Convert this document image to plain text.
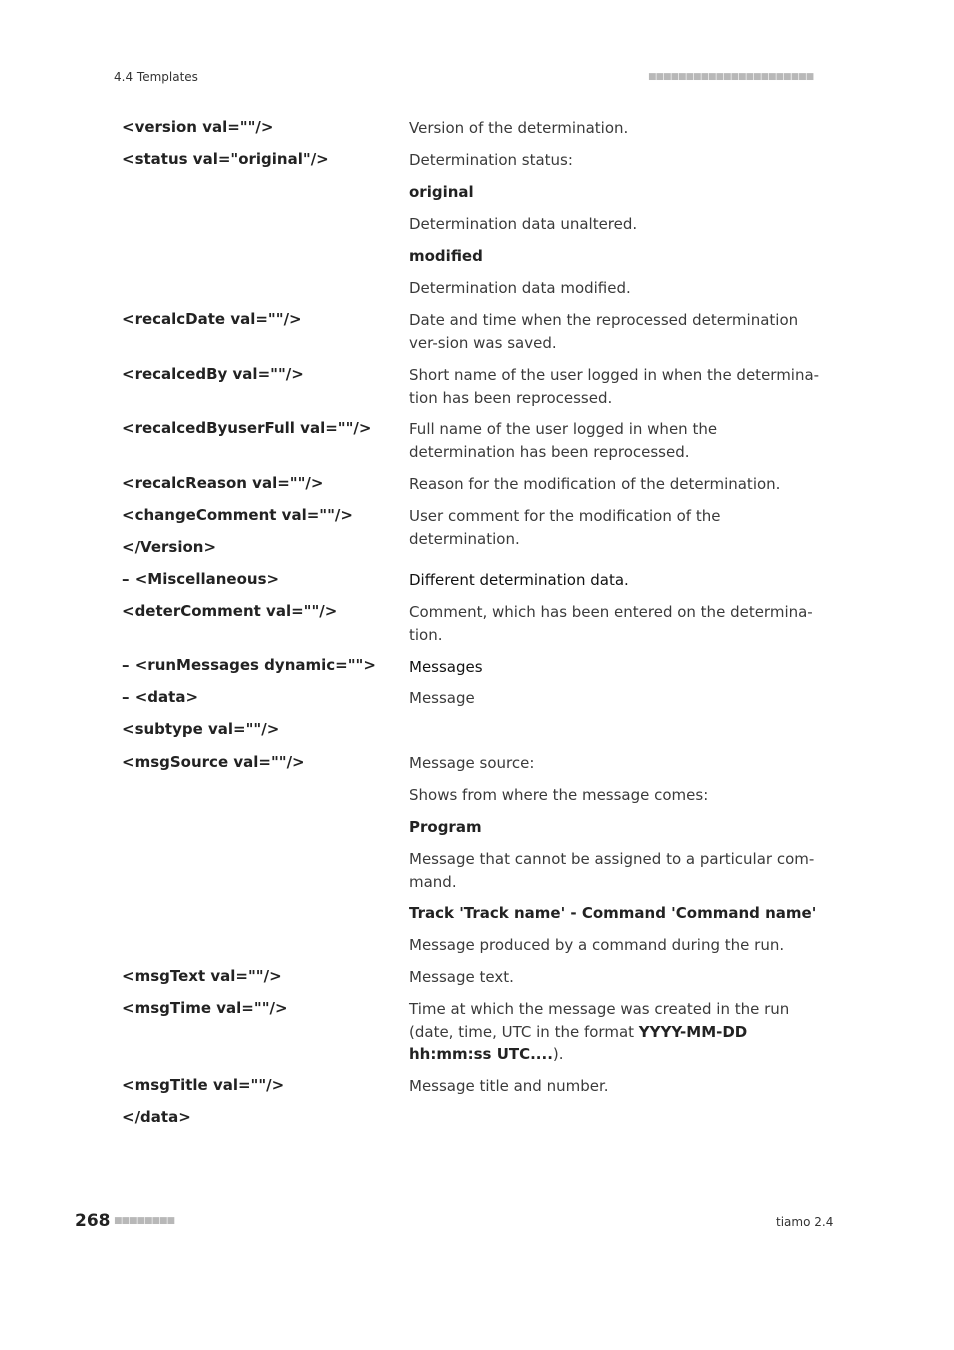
4.4 Templates	■■■■■■■■■■■■■■■■■■■■■■
<version val=""/>	Version of the determination.
<status val="original"/>	Determination status:
original
Determination data unaltered.
modified
Determination data modified.
<recalcDate val=""/>	Date and time when the reprocessed determination ver-sion was saved.
<recalcedBy val=""/>	Short name of the user logged in when the determina-tion has been reprocessed.
<recalcedByuserFull val=""/>	Full name of the user logged in when the determination has been reprocessed.
<recalcReason val=""/>	Reason for the modification of the determination.
<changeComment val=""/>	User comment for the modification of the determination.
</Version>
– <Miscellaneous>	Different determination data.
<deterComment val=""/>	Comment, which has been entered on the determina-tion.
– <runMessages dynamic=""> Messages
– <data>	Message
<subtype val=""/>
<msgSource val=""/>	Message source:
Shows from where the message comes:
Program
Message that cannot be assigned to a particular com-mand.
Track 'Track name' - Command 'Command name'
Message produced by a command during the run.
<msgText val=""/>	Message text.
<msgTime val=""/>	Time at which the message was created in the run (date, time, UTC in the format YYYY-MM-DD hh:mm:ss UTC....).
<msgTitle val=""/>	Message title and number.
</data>
268 ■■■■■■■■	tiamo 2.4
